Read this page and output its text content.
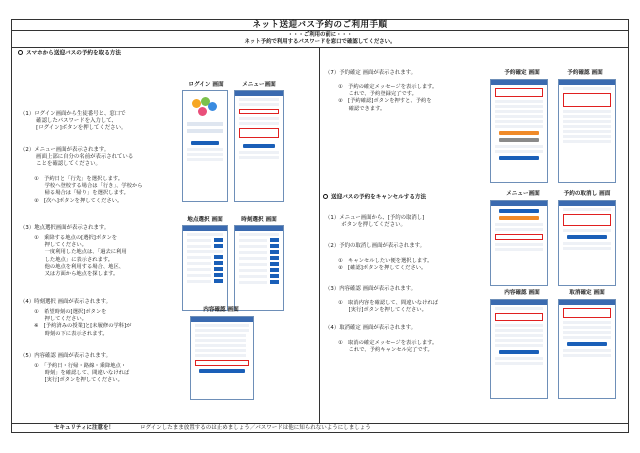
ネット送迎バス予約のご利用手順
・・・ご利用の前に・・・
ネット予約で利用するパスワードを窓口で確認してください。
スマホから送迎バスの予約を取る方法
（1）ログイン画面から生徒番号と、窓口で
　　　確認したパスワードを入力して、
　　　[ログイン]ボタンを押してください。
（2）メニュー画面が表示されます。
　　　画面上部に自分の名前が表示されている
　　　ことを確認してください。
①　予約日と「行先」を選択します。
　　学校へ登校する場合は「行き」、学校から
　　帰る場合は「帰り」を選択します。
②　[次へ]ボタンを押してください。
（3）地点選択画面が表示されます。
①　乗降する地点の[選択]ボタンを
　　押してください。
　　一度利用した地点は、「過去に利用
　　した地点」に表示されます。
　　他の地点を利用する場合、地区、
　　又は方面から地点を探します。
（4）時刻選択 画面が表示されます。
①　希望時刻の[選択]ボタンを
　　押してください。
※　[予約済みの授業]と[未履修の学科]が
　　時刻の下に表示されます。
（5）内容確認 画面が表示されます。
①　「予約日・行帰・路線・乗降地点・
　　時刻」を確認して、間違いなければ
　　[実行]ボタンを押してください。
ログイン 画面	メニュー画面
地点選択 画面	時刻選択 画面
内容確認 画面
（7）予約確定 画面が表示されます。
①　予約の確定メッセージを表示します。
　　これで、予約登録完了です。
②　[予約確認]ボタンを押すと、予約を
　　確認できます。
送迎バスの予約をキャンセルする方法
（1）メニュー画面から、[予約の取消し]
　　　ボタンを押してください。
（2）予約の取消し画面が表示されます。
①　キャンセルしたい便を選択します。
②　[確認]ボタンを押してください。
（3）内容確認 画面が表示されます。
①　取消内容を確認して、間違いなければ
　　[実行]ボタンを押してください。
（4）取消確定 画面が表示されます。
①　取消の確定メッセージを表示します。
　　これで、予約キャンセル完了です。
予約確定 画面	予約確認 画面
メニュー画面	予約の取消し 画面
内容確認 画面	取消確定 画面
セキュリティに注意を！	ログインしたまま放置するのは止めましょう／パスワードは他に知られないようにしましょう
